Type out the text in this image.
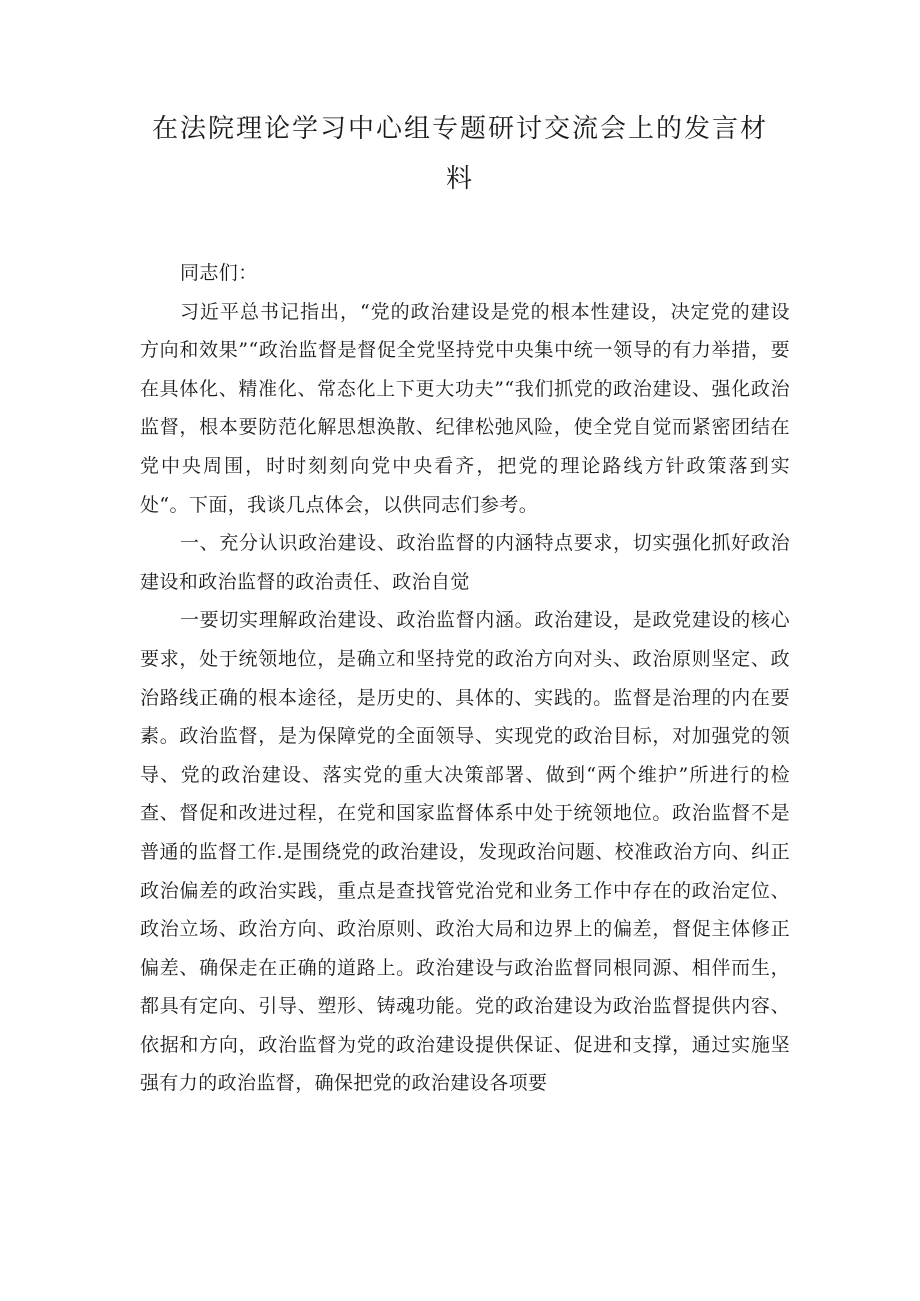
在法院理论学习中心组专题研讨交流会上的发言材料

同志们：

习近平总书记指出，“党的政治建设是党的根本性建设，决定党的建设方向和效果”“政治监督是督促全党坚持党中央集中统一领导的有力举措，要在具体化、精准化、常态化上下更大功夫”“我们抓党的政治建设、强化政治监督，根本要防范化解思想涣散、纪律松弛风险，使全党自觉而紧密团结在党中央周围，时时刻刻向党中央看齐，把党的理论路线方针政策落到实处“。下面，我谈几点体会，以供同志们参考。

一、充分认识政治建设、政治监督的内涵特点要求，切实强化抓好政治建设和政治监督的政治责任、政治自觉

一要切实理解政治建设、政治监督内涵。政治建设，是政党建设的核心要求，处于统领地位，是确立和坚持党的政治方向对头、政治原则坚定、政治路线正确的根本途径，是历史的、具体的、实践的。监督是治理的内在要素。政治监督，是为保障党的全面领导、实现党的政治目标，对加强党的领导、党的政治建设、落实党的重大决策部署、做到“两个维护”所进行的检查、督促和改进过程，在党和国家监督体系中处于统领地位。政治监督不是普通的监督工作.是围绕党的政治建设，发现政治问题、校准政治方向、纠正政治偏差的政治实践，重点是查找管党治党和业务工作中存在的政治定位、政治立场、政治方向、政治原则、政治大局和边界上的偏差，督促主体修正偏差、确保走在正确的道路上。政治建设与政治监督同根同源、相伴而生，都具有定向、引导、塑形、铸魂功能。党的政治建设为政治监督提供内容、依据和方向，政治监督为党的政治建设提供保证、促进和支撑，通过实施坚强有力的政治监督，确保把党的政治建设各项要
